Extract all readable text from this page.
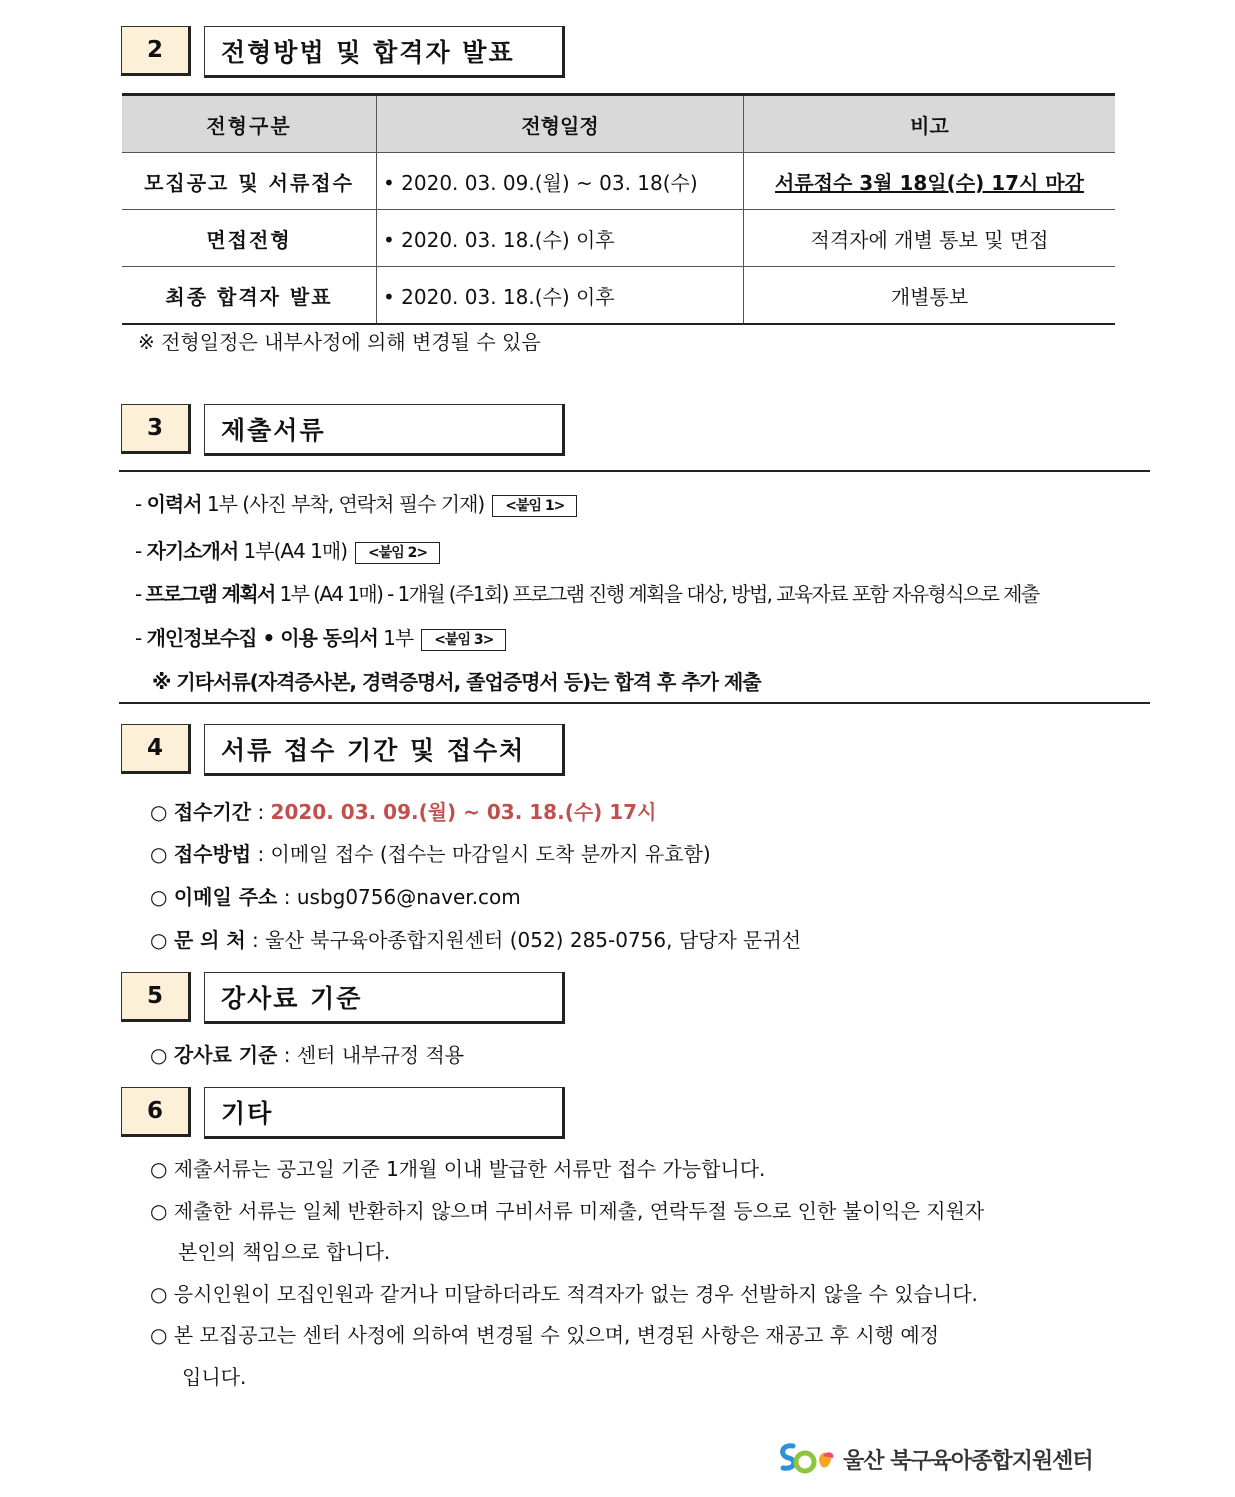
2	전형방법 및 합격자 발표
전형구분	전형일정	비고
모집공고 및 서류접수	• 2020. 03. 09.(월) ~ 03. 18(수)	서류접수 3월 18일(수) 17시 마감
면접전형	• 2020. 03. 18.(수) 이후	적격자에 개별 통보 및 면접
최종 합격자 발표	• 2020. 03. 18.(수) 이후	개별통보
※ 전형일정은 내부사정에 의해 변경될 수 있음
3	제출서류
- 이력서 1부 (사진 부착, 연락처 필수 기재) <붙임 1>
- 자기소개서 1부(A4 1매) <붙임 2>
- 프로그램 계획서 1부 (A4 1매) - 1개월 (주1회) 프로그램 진행 계획을 대상, 방법, 교육자료 포함 자유형식으로 제출
- 개인정보수집 • 이용 동의서 1부 <붙임 3>
※ 기타서류(자격증사본, 경력증명서, 졸업증명서 등)는 합격 후 추가 제출
4	서류 접수 기간 및 접수처
○ 접수기간 : 2020. 03. 09.(월) ~ 03. 18.(수) 17시
○ 접수방법 : 이메일 접수 (접수는 마감일시 도착 분까지 유효함)
○ 이메일 주소 : usbg0756@naver.com
○ 문 의 처 : 울산 북구육아종합지원센터 (052) 285-0756, 담당자 문귀선
5	강사료 기준
○ 강사료 기준 : 센터 내부규정 적용
6	기타
○ 제출서류는 공고일 기준 1개월 이내 발급한 서류만 접수 가능합니다.
○ 제출한 서류는 일체 반환하지 않으며 구비서류 미제출, 연락두절 등으로 인한 불이익은 지원자
본인의 책임으로 합니다.
○ 응시인원이 모집인원과 같거나 미달하더라도 적격자가 없는 경우 선발하지 않을 수 있습니다.
○ 본 모집공고는 센터 사정에 의하여 변경될 수 있으며, 변경된 사항은 재공고 후 시행 예정
입니다.
울산 북구육아종합지원센터
